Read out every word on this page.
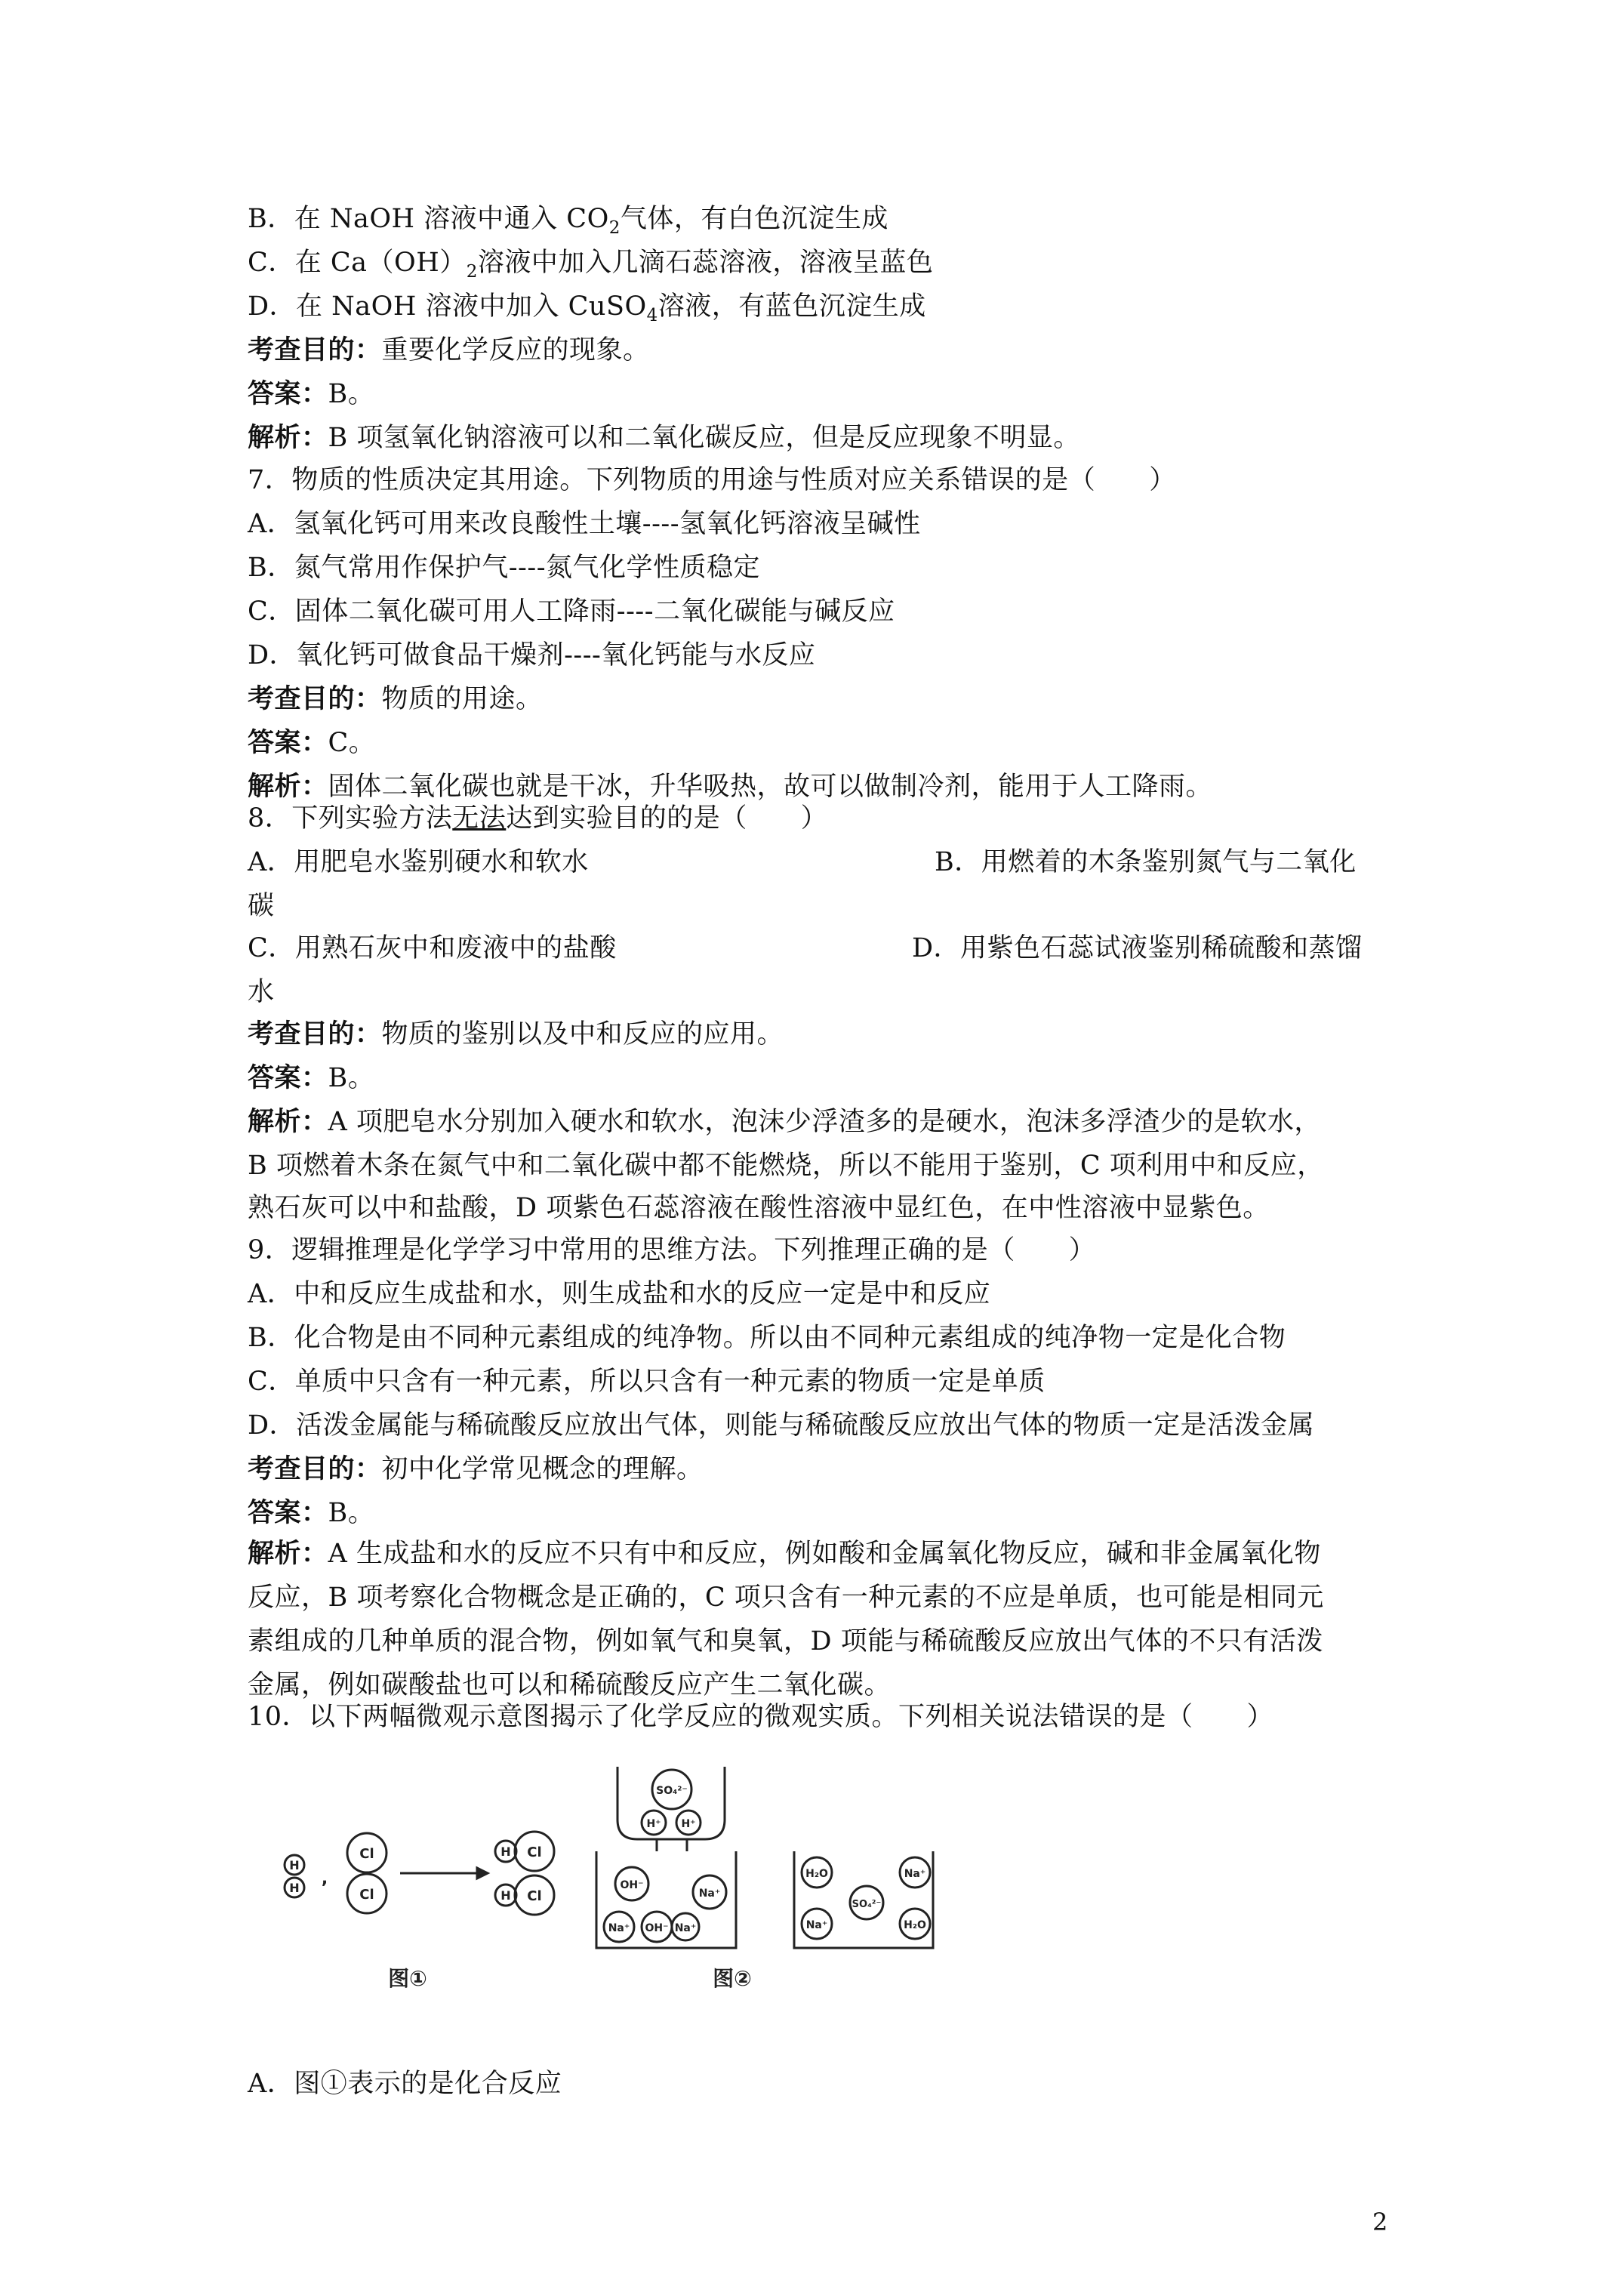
B．在 NaOH 溶液中通入 $CO_2$气体，有白色沉淀生成
C．在 $Ca(OH)_2$溶液中加入几滴石蕊溶液，溶液呈蓝色
D．在 NaOH 溶液中加入 CuSO$_4$溶液，有蓝色沉淀生成
考查目的：重要化学反应的现象。
答案：B。
解析：B 项氢氧化钠溶液可以和二氧化碳反应，但是反应现象不明显。
7．物质的性质决定其用途。下列物质的用途与性质对应关系错误的是（　　）
A．氢氧化钙可用来改良酸性土壤----氢氧化钙溶液呈碱性
B．氮气常用作保护气----氮气化学性质稳定
C．固体二氧化碳可用人工降雨----二氧化碳能与碱反应
D．氧化钙可做食品干燥剂----氧化钙能与水反应
考查目的：物质的用途。
答案：C。
解析：固体二氧化碳也就是干冰，升华吸热，故可以做制冷剂，能用于人工降雨。
8．下列实验方法无法达到实验目的的是（　　）
A．用肥皂水鉴别硬水和软水	B．用燃着的木条鉴别氮气与二氧化
碳
C．用熟石灰中和废液中的盐酸	D．用紫色石蕊试液鉴别稀硫酸和蒸馏
水
考查目的：物质的鉴别以及中和反应的应用。
答案：B。
解析：A 项肥皂水分别加入硬水和软水，泡沫少浮渣多的是硬水，泡沫多浮渣少的是软水，
B 项燃着木条在氮气中和二氧化碳中都不能燃烧，所以不能用于鉴别，C 项利用中和反应，
熟石灰可以中和盐酸，D 项紫色石蕊溶液在酸性溶液中显红色，在中性溶液中显紫色。
9．逻辑推理是化学学习中常用的思维方法。下列推理正确的是（　　）
A．中和反应生成盐和水，则生成盐和水的反应一定是中和反应
B．化合物是由不同种元素组成的纯净物。所以由不同种元素组成的纯净物一定是化合物
C．单质中只含有一种元素，所以只含有一种元素的物质一定是单质
D．活泼金属能与稀硫酸反应放出气体，则能与稀硫酸反应放出气体的物质一定是活泼金属
考查目的：初中化学常见概念的理解。
答案：B。
解析：A 生成盐和水的反应不只有中和反应，例如酸和金属氧化物反应，碱和非金属氧化物
反应，B 项考察化合物概念是正确的，C 项只含有一种元素的不应是单质，也可能是相同元
素组成的几种单质的混合物，例如氧气和臭氧，D 项能与稀硫酸反应放出气体的不只有活泼
金属，例如碳酸盐也可以和稀硫酸反应产生二氧化碳。
10．以下两幅微观示意图揭示了化学反应的微观实质。下列相关说法错误的是（　　）
H
H ,
Cl
Cl
H Cl
H Cl
图①
SO₄²⁻
H⁺ H⁺
OH⁻
Na⁺
Na⁺ OH⁻ Na⁺
H₂O	Na⁺
SO₄²⁻
Na⁺	H₂O
图②
A．图①表示的是化合反应
2
